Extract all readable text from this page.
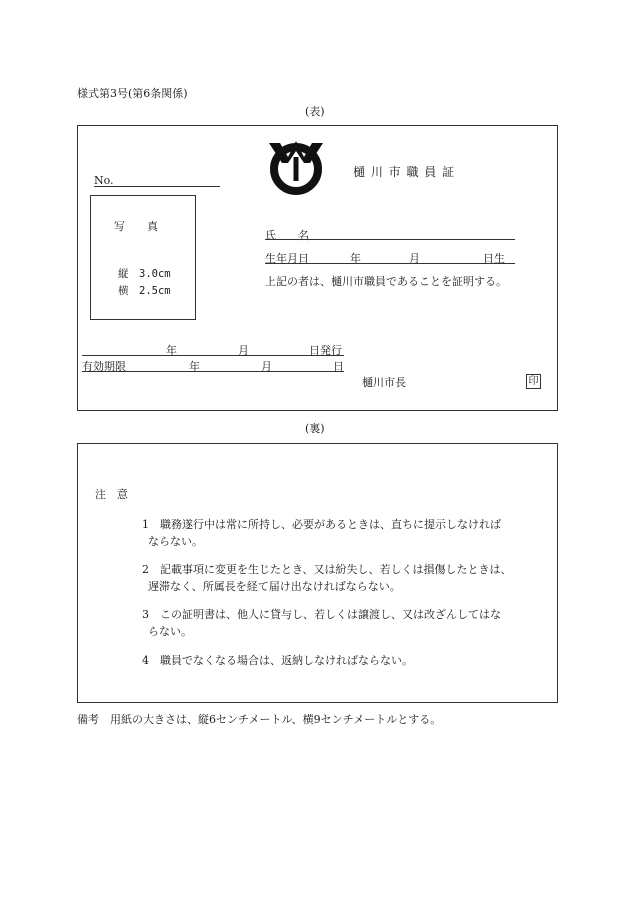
様式第3号(第6条関係)
(表)
樋 川 市 職 員 証
No.
写　　真
縦　3.0cm
横　2.5cm
氏　　名
生年月日	年	月	日生
上記の者は、樋川市職員であることを証明する。
年	月	日発行
有効期限	年	月	日
樋川市長	印
(裏)
注　意
1　職務遂行中は常に所持し、必要があるときは、直ちに提示しなければ
ならない。
2　記載事項に変更を生じたとき、又は紛失し、若しくは損傷したときは、
遅滞なく、所属長を経て届け出なければならない。
3　この証明書は、他人に貸与し、若しくは譲渡し、又は改ざんしてはな
らない。
4　職員でなくなる場合は、返納しなければならない。
備考　用紙の大きさは、縦6センチメートル、横9センチメートルとする。
